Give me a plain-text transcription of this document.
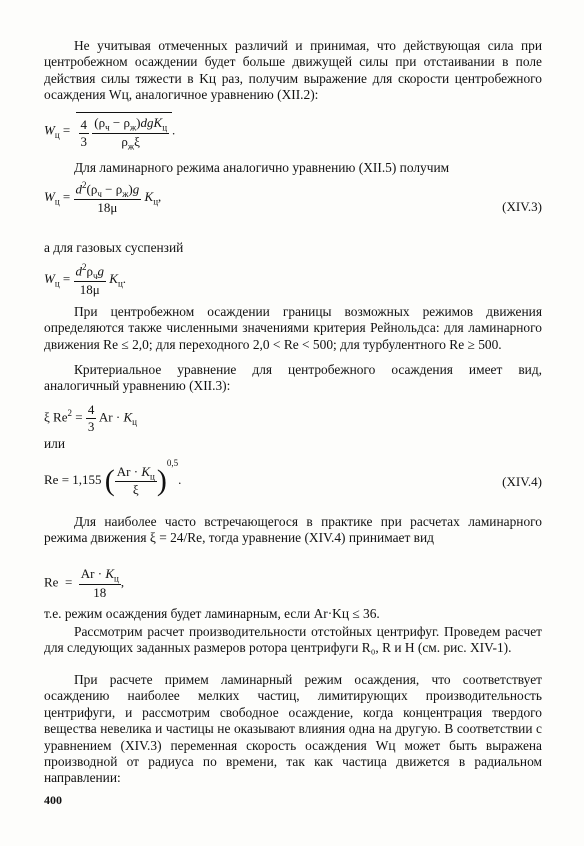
Не учитывая отмеченных различий и принимая, что действующая сила при центробежном осаждении будет больше движущей силы при отстаивании в поле действия силы тяжести в Kц раз, получим выражение для скорости центробежного осаждения Wц, аналогичное уравнению (XII.2):

$W_ц = \frac{4}{3}$
$\frac{(\rho_ч - \rho_ж)dgK_ц}{\rho_ж\xi}$ .

Для ламинарного режима аналогично уравнению (XII.5) получим

$W_ц = \frac{d^2(\rho_ч - \rho_ж)g}{18\mu} K_ц$,
(XIV.3)

а для газовых суспензий

$W_ц = \frac{d^2\rho_чg}{18\mu} K_ц$.

При центробежном осаждении границы возможных режимов движения определяются также численными значениями критерия Рейнольдса: для ламинарного движения Re ≤ 2,0; для переходного 2,0 < Re < 500; для турбулентного Re ≥ 500.

Критериальное уравнение для центробежного осаждения имеет вид, аналогичный уравнению (XII.3):

ξ $Re^2 = \frac{4}{3}$ $Ar \cdot K_ц$

или

Re = 1,155 ( $\frac{Ar \cdot K_ц}{\xi} )^{0,5}$.	(XIV.4)

Для наиболее часто встречающегося в практике при расчетах ламинарного режима движения ξ = 24/Re, тогда уравнение (XIV.4) принимает вид

$Re = \frac{Ar \cdot K_ц}{18}$ ,

т.е. режим осаждения будет ламинарным, если Ar·Kц ≤ 36.

Рассмотрим расчет производительности отстойных центрифуг. Проведем расчет для следующих заданных размеров ротора центрифуги R₀, R и H (см. рис. XIV-1).

При расчете примем ламинарный режим осаждения, что соответствует осаждению наиболее мелких частиц, лимитирующих производительность центрифуги, и рассмотрим свободное осаждение, когда концентрация твердого вещества невелика и частицы не оказывают влияния одна на другую. В соответствии с уравнением (XIV.3) переменная скорость осаждения Wц может быть выражена производной от радиуса по времени, так как частица движется в радиальном направлении:

400
